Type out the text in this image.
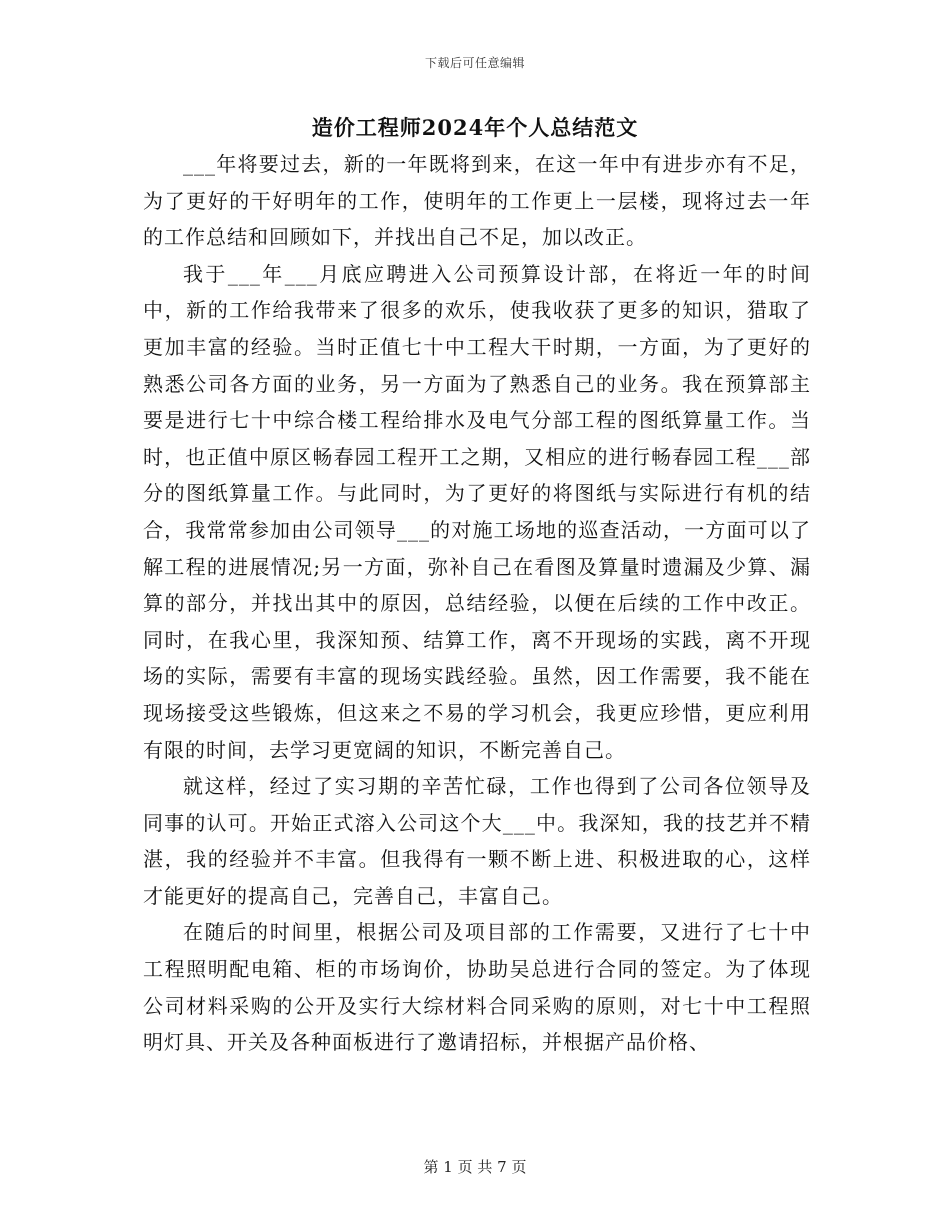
下载后可任意编辑
造价工程师2024年个人总结范文

___年将要过去，新的一年既将到来，在这一年中有进步亦有不足，为了更好的干好明年的工作，使明年的工作更上一层楼，现将过去一年的工作总结和回顾如下，并找出自己不足，加以改正。

我于___年___月底应聘进入公司预算设计部，在将近一年的时间中，新的工作给我带来了很多的欢乐，使我收获了更多的知识，猎取了更加丰富的经验。当时正值七十中工程大干时期，一方面，为了更好的熟悉公司各方面的业务，另一方面为了熟悉自己的业务。我在预算部主要是进行七十中综合楼工程给排水及电气分部工程的图纸算量工作。当时，也正值中原区畅春园工程开工之期，又相应的进行畅春园工程___部分的图纸算量工作。与此同时，为了更好的将图纸与实际进行有机的结合，我常常参加由公司领导___的对施工场地的巡查活动，一方面可以了解工程的进展情况;另一方面，弥补自己在看图及算量时遗漏及少算、漏算的部分，并找出其中的原因，总结经验，以便在后续的工作中改正。同时，在我心里，我深知预、结算工作，离不开现场的实践，离不开现场的实际，需要有丰富的现场实践经验。虽然，因工作需要，我不能在现场接受这些锻炼，但这来之不易的学习机会，我更应珍惜，更应利用有限的时间，去学习更宽阔的知识，不断完善自己。

就这样，经过了实习期的辛苦忙碌，工作也得到了公司各位领导及同事的认可。开始正式溶入公司这个大___中。我深知，我的技艺并不精湛，我的经验并不丰富。但我得有一颗不断上进、积极进取的心，这样才能更好的提高自己，完善自己，丰富自己。

在随后的时间里，根据公司及项目部的工作需要，又进行了七十中工程照明配电箱、柜的市场询价，协助吴总进行合同的签定。为了体现公司材料采购的公开及实行大综材料合同采购的原则，对七十中工程照明灯具、开关及各种面板进行了邀请招标，并根据产品价格、

第 1 页 共 7 页
